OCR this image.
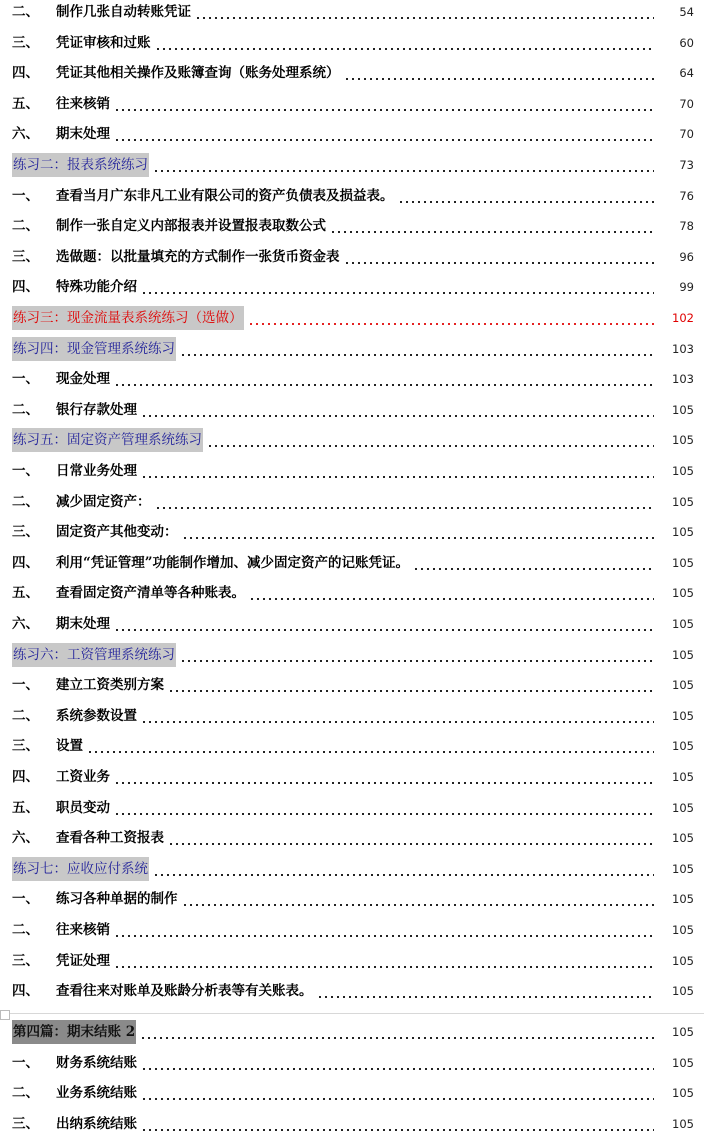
二、	制作几张自动转账凭证	54
三、	凭证审核和过账	60
四、	凭证其他相关操作及账簿查询（账务处理系统）	64
五、	往来核销	70
六、	期末处理	70
练习二：报表系统练习	73
一、	查看当月广东非凡工业有限公司的资产负债表及损益表。	76
二、	制作一张自定义内部报表并设置报表取数公式	78
三、	选做题：以批量填充的方式制作一张货币资金表	96
四、	特殊功能介绍	99
练习三：现金流量表系统练习（选做）	102
练习四：现金管理系统练习	103
一、	现金处理	103
二、	银行存款处理	105
练习五：固定资产管理系统练习	105
一、	日常业务处理	105
二、	减少固定资产：	105
三、	固定资产其他变动：	105
四、	利用“凭证管理”功能制作增加、减少固定资产的记账凭证。	105
五、	查看固定资产清单等各种账表。	105
六、	期末处理	105
练习六：工资管理系统练习	105
一、	建立工资类别方案	105
二、	系统参数设置	105
三、	设置	105
四、	工资业务	105
五、	职员变动	105
六、	查看各种工资报表	105
练习七：应收应付系统	105
一、	练习各种单据的制作	105
二、	往来核销	105
三、	凭证处理	105
四、	查看往来对账单及账龄分析表等有关账表。	105
第四篇：期末结账 2	105
一、	财务系统结账	105
二、	业务系统结账	105
三、	出纳系统结账	105
